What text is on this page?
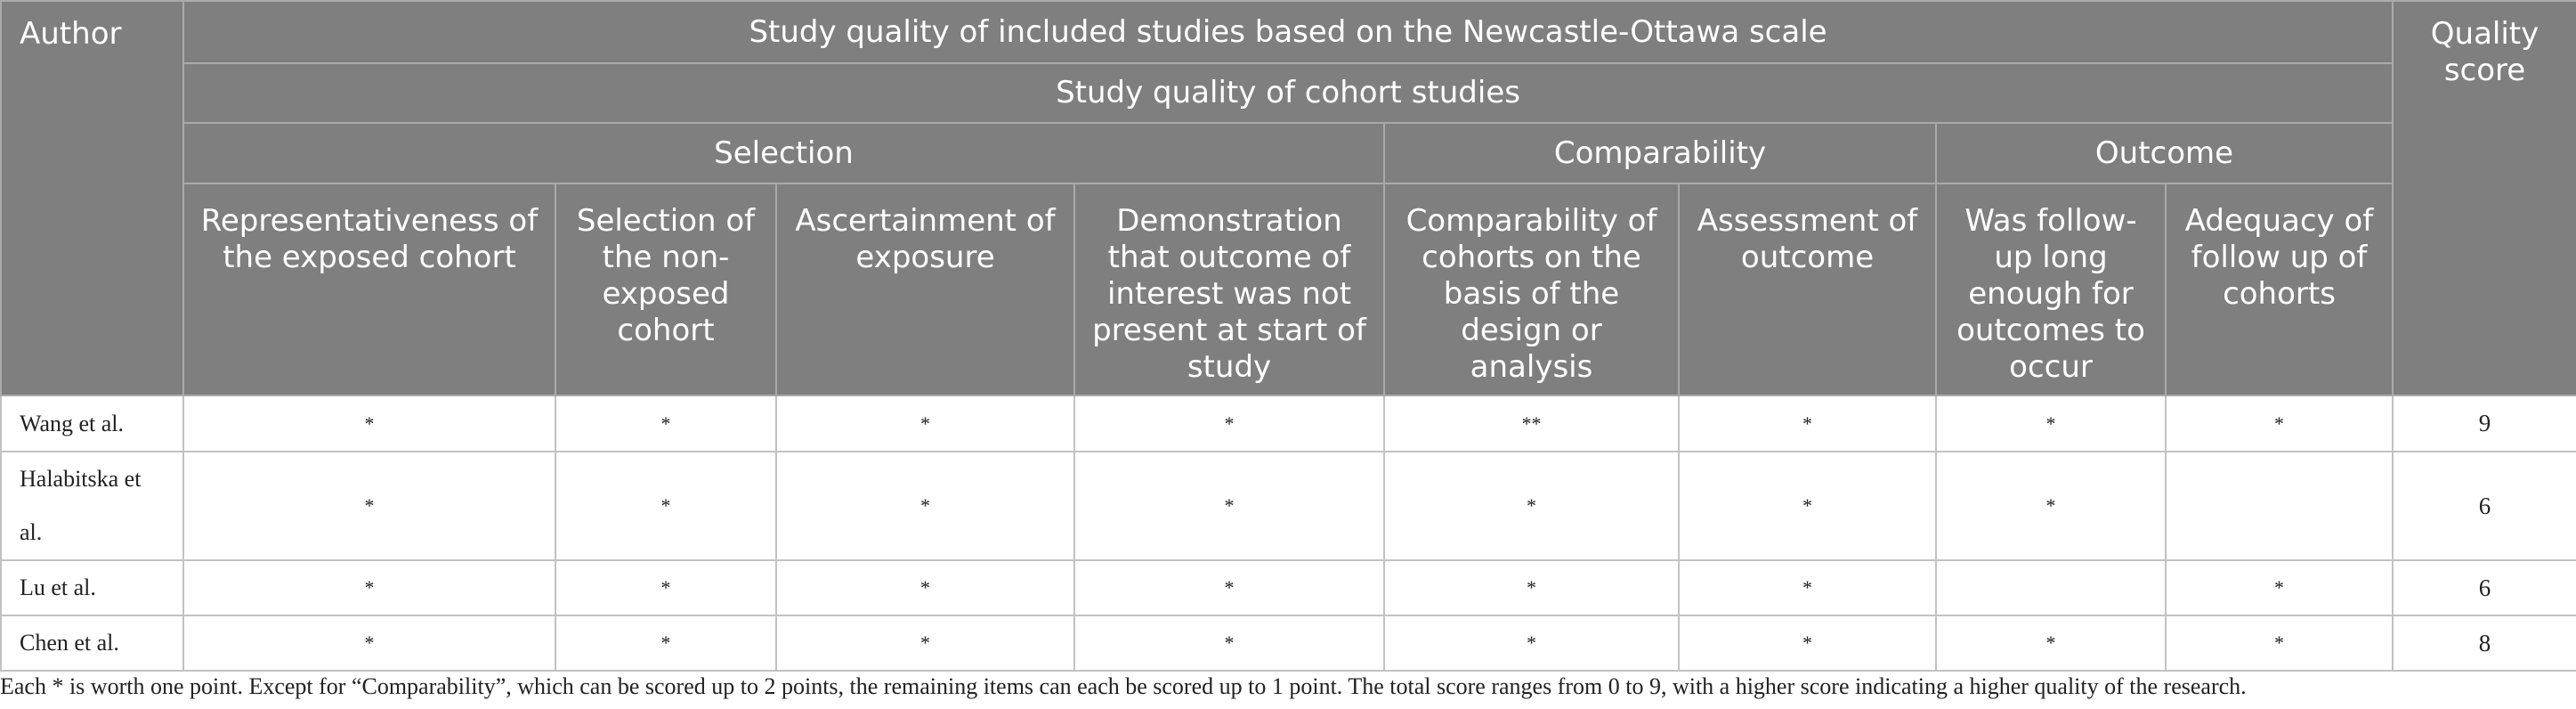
Author	Study quality of included studies based on the Newcastle-Ottawa scale								Quality score
	Study quality of cohort studies								
	Selection				Comparability		Outcome		
	Representativeness of the exposed cohort	Selection of the non-exposed cohort	Ascertainment of exposure	Demonstration that outcome of interest was not present at start of study	Comparability of cohorts on the basis of the design or analysis	Assessment of outcome	Was follow-up long enough for outcomes to occur	Adequacy of follow up of cohorts	
Wang et al.	*	*	*	*	**	*	*	*	9
Halabitska et al.	*	*	*	*	*	*	*		6
Lu et al.	*	*	*	*	*	*		*	6
Chen et al.	*	*	*	*	*	*	*	*	8
Each * is worth one point. Except for “Comparability”, which can be scored up to 2 points, the remaining items can each be scored up to 1 point. The total score ranges from 0 to 9, with a higher score indicating a higher quality of the research.
